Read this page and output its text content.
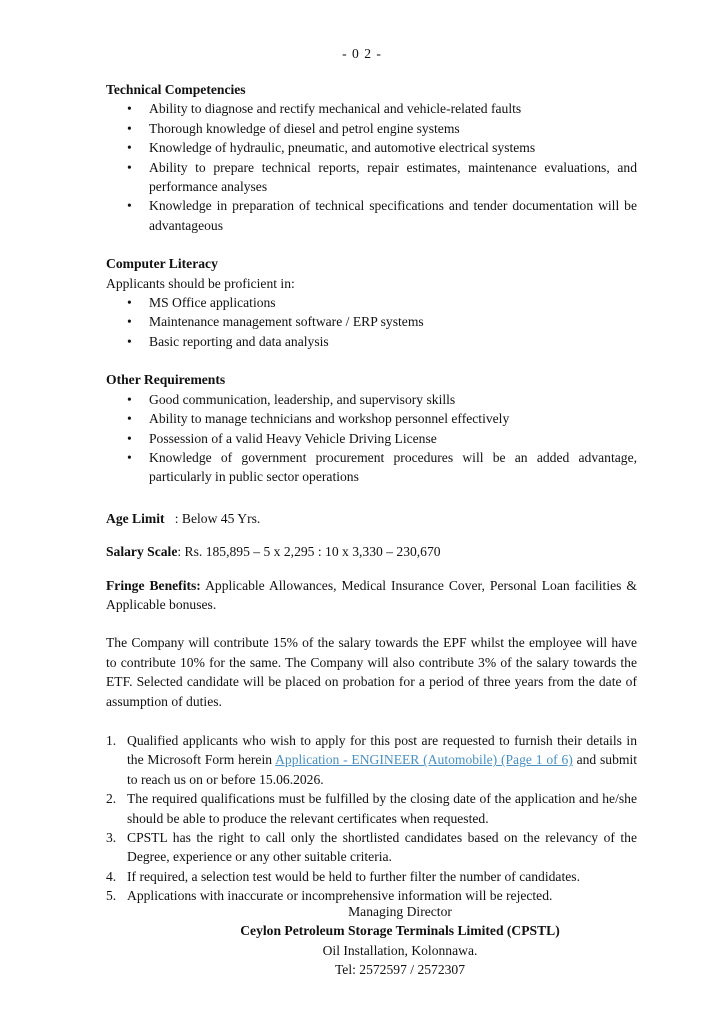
- 0 2 -

Technical Competencies

• Ability to diagnose and rectify mechanical and vehicle-related faults
• Thorough knowledge of diesel and petrol engine systems
• Knowledge of hydraulic, pneumatic, and automotive electrical systems
• Ability to prepare technical reports, repair estimates, maintenance evaluations, and performance analyses
• Knowledge in preparation of technical specifications and tender documentation will be advantageous

Computer Literacy

Applicants should be proficient in:

• MS Office applications
• Maintenance management software / ERP systems
• Basic reporting and data analysis

Other Requirements

• Good communication, leadership, and supervisory skills
• Ability to manage technicians and workshop personnel effectively
• Possession of a valid Heavy Vehicle Driving License
• Knowledge of government procurement procedures will be an added advantage, particularly in public sector operations
Age Limit : Below 45 Yrs.
Salary Scale: Rs. 185,895 – 5 x 2,295 : 10 x 3,330 – 230,670
Fringe Benefits: Applicable Allowances, Medical Insurance Cover, Personal Loan facilities & Applicable bonuses.

The Company will contribute 15% of the salary towards the EPF whilst the employee will have to contribute 10% for the same. The Company will also contribute 3% of the salary towards the ETF. Selected candidate will be placed on probation for a period of three years from the date of assumption of duties.

1. Qualified applicants who wish to apply for this post are requested to furnish their details in the Microsoft Form herein Application - ENGINEER (Automobile) (Page 1 of 6) and submit to reach us on or before 15.06.2026.
2. The required qualifications must be fulfilled by the closing date of the application and he/she should be able to produce the relevant certificates when requested.
3. CPSTL has the right to call only the shortlisted candidates based on the relevancy of the Degree, experience or any other suitable criteria.
4. If required, a selection test would be held to further filter the number of candidates.
5. Applications with inaccurate or incomprehensive information will be rejected.
Managing Director
Ceylon Petroleum Storage Terminals Limited (CPSTL)
Oil Installation, Kolonnawa.
Tel: 2572597 / 2572307
